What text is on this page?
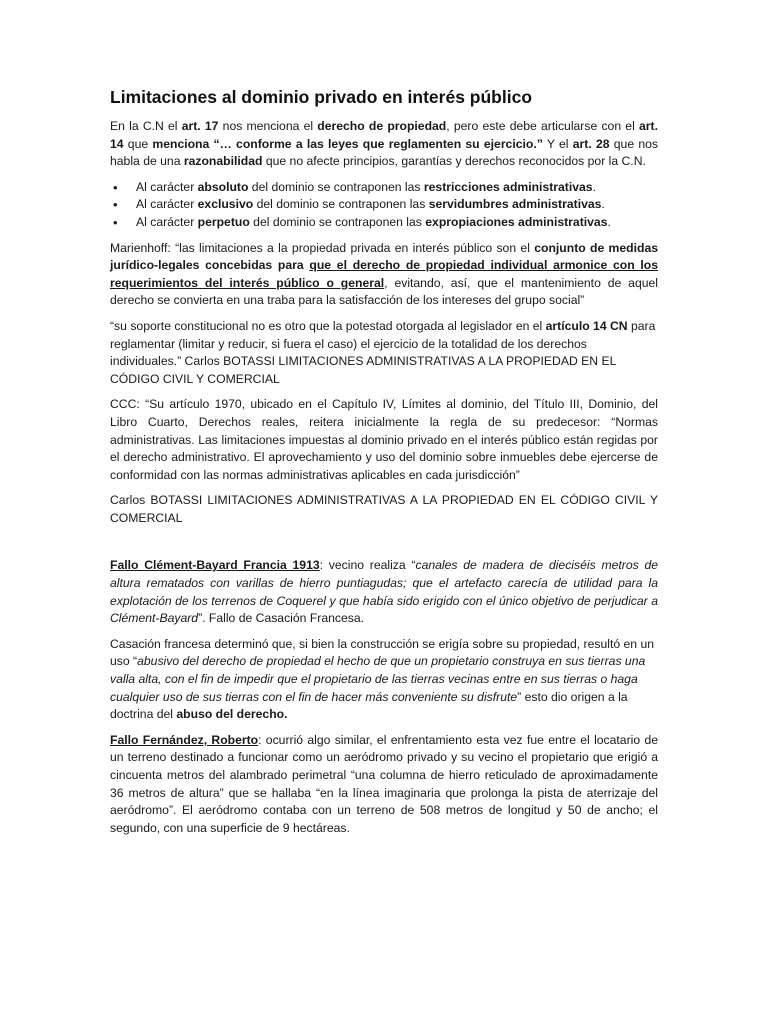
Limitaciones al dominio privado en interés público

En la C.N el art. 17 nos menciona el derecho de propiedad, pero este debe articularse con el art. 14 que menciona “… conforme a las leyes que reglamenten su ejercicio.” Y el art. 28 que nos habla de una razonabilidad que no afecte principios, garantías y derechos reconocidos por la C.N.

• Al carácter absoluto del dominio se contraponen las restricciones administrativas.
• Al carácter exclusivo del dominio se contraponen las servidumbres administrativas.
• Al carácter perpetuo del dominio se contraponen las expropiaciones administrativas.

Marienhoff: “las limitaciones a la propiedad privada en interés público son el conjunto de medidas jurídico-legales concebidas para que el derecho de propiedad individual armonice con los requerimientos del interés público o general, evitando, así, que el mantenimiento de aquel derecho se convierta en una traba para la satisfacción de los intereses del grupo social”

“su soporte constitucional no es otro que la potestad otorgada al legislador en el artículo 14 CN para reglamentar (limitar y reducir, si fuera el caso) el ejercicio de la totalidad de los derechos individuales.” Carlos BOTASSI LIMITACIONES ADMINISTRATIVAS A LA PROPIEDAD EN EL CÓDIGO CIVIL Y COMERCIAL

CCC: “Su artículo 1970, ubicado en el Capítulo IV, Límites al dominio, del Título III, Dominio, del Libro Cuarto, Derechos reales, reitera inicialmente la regla de su predecesor: “Normas administrativas. Las limitaciones impuestas al dominio privado en el interés público están regidas por el derecho administrativo. El aprovechamiento y uso del dominio sobre inmuebles debe ejercerse de conformidad con las normas administrativas aplicables en cada jurisdicción”

Carlos BOTASSI LIMITACIONES ADMINISTRATIVAS A LA PROPIEDAD EN EL CÓDIGO CIVIL Y COMERCIAL

Fallo Clément-Bayard Francia 1913: vecino realiza “canales de madera de dieciséis metros de altura rematados con varillas de hierro puntiagudas; que el artefacto carecía de utilidad para la explotación de los terrenos de Coquerel y que había sido erigido con el único objetivo de perjudicar a Clément-Bayard”. Fallo de Casación Francesa.

Casación francesa determinó que, si bien la construcción se erigía sobre su propiedad, resultó en un uso “abusivo del derecho de propiedad el hecho de que un propietario construya en sus tierras una valla alta, con el fin de impedir que el propietario de las tierras vecinas entre en sus tierras o haga cualquier uso de sus tierras con el fin de hacer más conveniente su disfrute” esto dio origen a la doctrina del abuso del derecho.

Fallo Fernández, Roberto: ocurrió algo similar, el enfrentamiento esta vez fue entre el locatario de un terreno destinado a funcionar como un aeródromo privado y su vecino el propietario que erigió a cincuenta metros del alambrado perimetral “una columna de hierro reticulado de aproximadamente 36 metros de altura” que se hallaba “en la línea imaginaria que prolonga la pista de aterrizaje del aeródromo”. El aeródromo contaba con un terreno de 508 metros de longitud y 50 de ancho; el segundo, con una superficie de 9 hectáreas.
